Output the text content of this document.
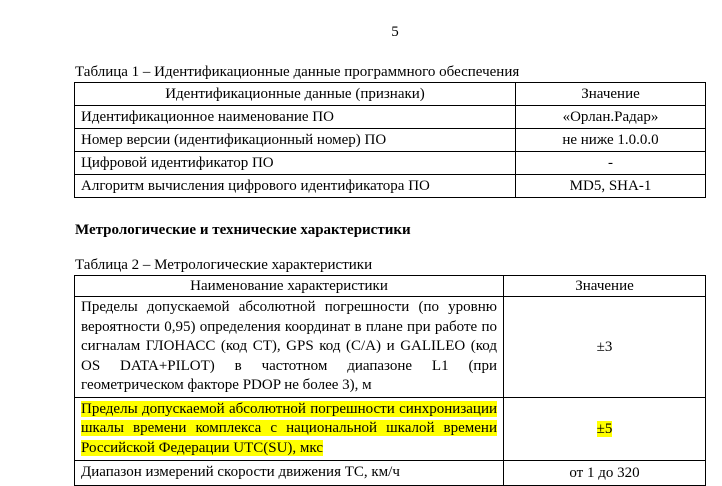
5
Таблица 1 – Идентификационные данные программного обеспечения
Идентификационные данные (признаки)	Значение
Идентификационное наименование ПО	«Орлан.Радар»
Номер версии (идентификационный номер) ПО	не ниже 1.0.0.0
Цифровой идентификатор ПО	-
Алгоритм вычисления цифрового идентификатора ПО	MD5, SHA-1
Метрологические и технические характеристики
Таблица 2 – Метрологические характеристики
Наименование характеристики	Значение
Пределы допускаемой абсолютной погрешности (по уровню вероятности 0,95) определения координат в плане при работе по сигналам ГЛОНАСС (код СТ), GPS код (C/A) и GALILEO (код OS DATA+PILOT) в частотном диапазоне L1 (при геометрическом факторе PDOP не более 3), м	±3
Пределы допускаемой абсолютной погрешности синхронизации шкалы времени комплекса с национальной шкалой времени Российской Федерации UTC(SU), мкс	±5
Диапазон измерений скорости движения ТС, км/ч	от 1 до 320
